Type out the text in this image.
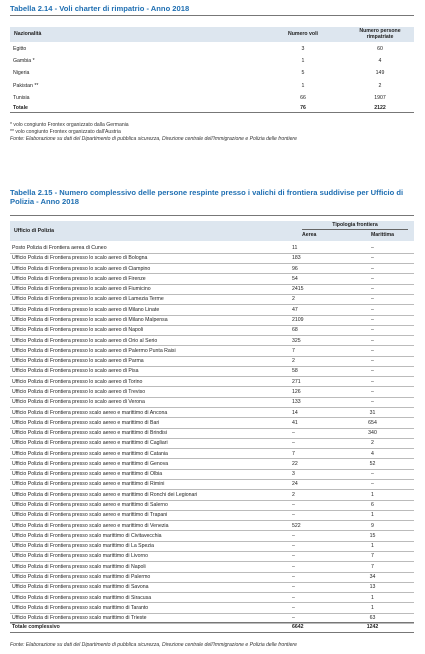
Tabella 2.14 - Voli charter di rimpatrio - Anno 2018
Nazionalità	Numero voli	Numero persone rimpatriate
Egitto	3	60
Gambia *	1	4
Nigeria	5	149
Pakistan **	1	2
Tunisia	66	1907
Totale	76	2122
* volo congiunto Frontex organizzato dalla Germania
** volo congiunto Frontex organizzato dall'Austria
Fonte: Elaborazione su dati del Dipartimento di pubblica sicurezza, Direzione centrale dell'Immigrazione e Polizia delle frontiere
Tabella 2.15 - Numero complessivo delle persone respinte presso i valichi di frontiera suddivise per Ufficio di Polizia - Anno 2018
Ufficio di Polizia
Tipologia frontiera
Aerea	Marittima
Posto Polizia di Frontiera aerea di Cuneo	11	–
Ufficio Polizia di Frontiera presso lo scalo aereo di Bologna	183	–
Ufficio Polizia di Frontiera presso lo scalo aereo di Ciampino	96	–
Ufficio Polizia di Frontiera presso lo scalo aereo di Firenze	54	–
Ufficio Polizia di Frontiera presso lo scalo aereo di Fiumicino	2415	–
Ufficio Polizia di Frontiera presso lo scalo aereo di Lamezia Terme	2	–
Ufficio Polizia di Frontiera presso lo scalo aereo di Milano Linate	47	–
Ufficio Polizia di Frontiera presso lo scalo aereo di Milano Malpensa	2109	–
Ufficio Polizia di Frontiera presso lo scalo aereo di Napoli	68	–
Ufficio Polizia di Frontiera presso lo scalo aereo di Orio al Serio	325	–
Ufficio Polizia di Frontiera presso lo scalo aereo di Palermo Punta Raisi	7	–
Ufficio Polizia di Frontiera presso lo scalo aereo di Parma	2	–
Ufficio Polizia di Frontiera presso lo scalo aereo di Pisa	58	–
Ufficio Polizia di Frontiera presso lo scalo aereo di Torino	271	–
Ufficio Polizia di Frontiera presso lo scalo aereo di Treviso	126	–
Ufficio Polizia di Frontiera presso lo scalo aereo di Verona	133	–
Ufficio Polizia di Frontiera presso scalo aereo e marittimo di Ancona	14	31
Ufficio Polizia di Frontiera presso scalo aereo e marittimo di Bari	41	654
Ufficio Polizia di Frontiera presso scalo aereo e marittimo di Brindisi	–	340
Ufficio Polizia di Frontiera presso scalo aereo e marittimo di Cagliari	–	2
Ufficio Polizia di Frontiera presso scalo aereo e marittimo di Catania	7	4
Ufficio Polizia di Frontiera presso scalo aereo e marittimo di Genova	22	52
Ufficio Polizia di Frontiera presso scalo aereo e marittimo di Olbia	3	–
Ufficio Polizia di Frontiera presso scalo aereo e marittimo di Rimini	24	–
Ufficio Polizia di Frontiera presso scalo aereo e marittimo di Ronchi dei Legionari	2	1
Ufficio Polizia di Frontiera presso scalo aereo e marittimo di Salerno	–	6
Ufficio Polizia di Frontiera presso scalo aereo e marittimo di Trapani	–	1
Ufficio Polizia di Frontiera presso scalo aereo e marittimo di Venezia	522	9
Ufficio Polizia di Frontiera presso scalo marittimo di Civitavecchia	–	15
Ufficio Polizia di Frontiera presso scalo marittimo di La Spezia	–	1
Ufficio Polizia di Frontiera presso scalo marittimo di Livorno	–	7
Ufficio Polizia di Frontiera presso scalo marittimo di Napoli	–	7
Ufficio Polizia di Frontiera presso scalo marittimo di Palermo	–	34
Ufficio Polizia di Frontiera presso scalo marittimo di Savona	–	13
Ufficio Polizia di Frontiera presso scalo marittimo di Siracusa	–	1
Ufficio Polizia di Frontiera presso scalo marittimo di Taranto	–	1
Ufficio Polizia di Frontiera presso scalo marittimo di Trieste	–	63
Totale complessivo	6642	1242
Fonte: Elaborazione su dati del Dipartimento di pubblica sicurezza, Direzione centrale dell'Immigrazione e Polizia delle frontiere
